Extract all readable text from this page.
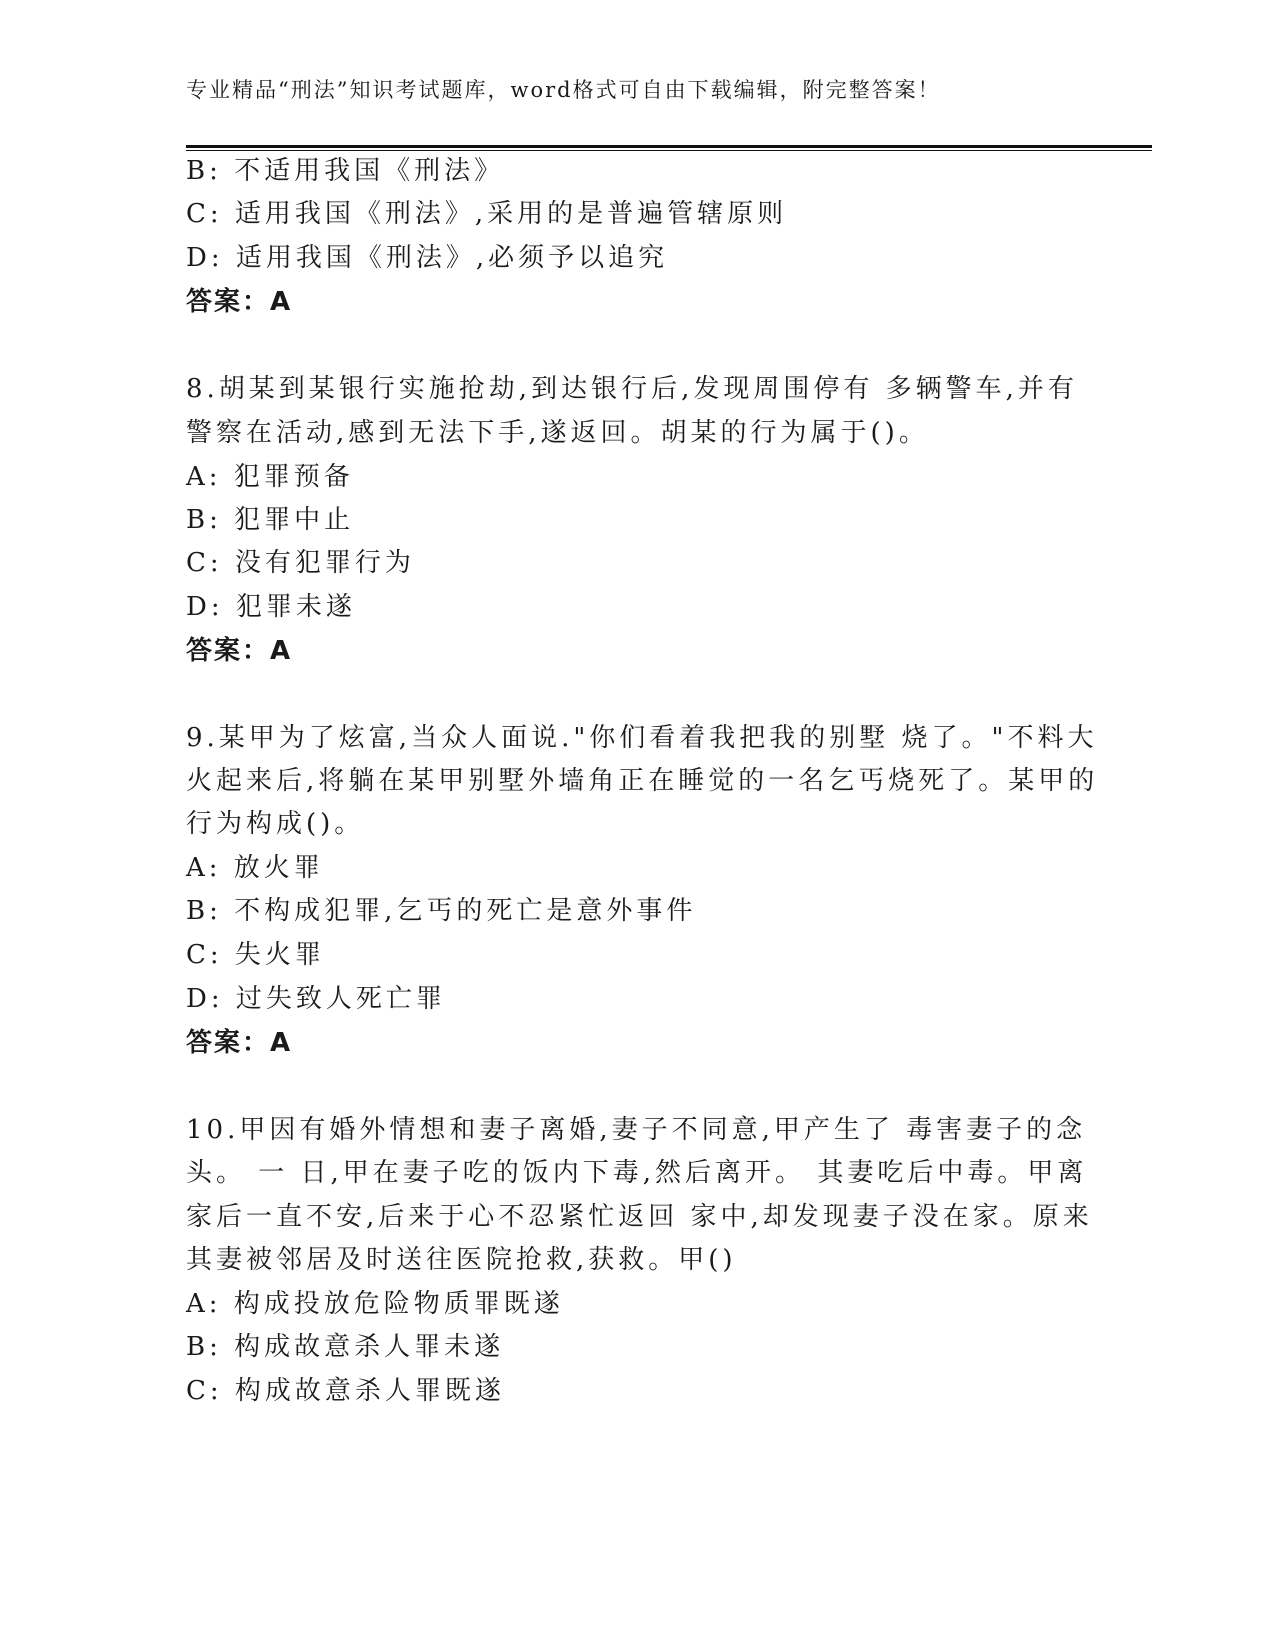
专业精品“刑法”知识考试题库，word格式可自由下载编辑，附完整答案！
B: 不适用我国《刑法》
C: 适用我国《刑法》,采用的是普遍管辖原则
D: 适用我国《刑法》,必须予以追究
答案：A
8.胡某到某银行实施抢劫,到达银行后,发现周围停有 多辆警车,并有
警察在活动,感到无法下手,遂返回。胡某的行为属于()。
A: 犯罪预备
B: 犯罪中止
C: 没有犯罪行为
D: 犯罪未遂
答案：A
9.某甲为了炫富,当众人面说."你们看着我把我的别墅 烧了。"不料大
火起来后,将躺在某甲别墅外墙角正在睡觉的一名乞丐烧死了。某甲的
行为构成()。
A: 放火罪
B: 不构成犯罪,乞丐的死亡是意外事件
C: 失火罪
D: 过失致人死亡罪
答案：A
10.甲因有婚外情想和妻子离婚,妻子不同意,甲产生了 毒害妻子的念
头。 一 日,甲在妻子吃的饭内下毒,然后离开。 其妻吃后中毒。甲离
家后一直不安,后来于心不忍紧忙返回 家中,却发现妻子没在家。原来
其妻被邻居及时送往医院抢救,获救。甲()
A: 构成投放危险物质罪既遂
B: 构成故意杀人罪未遂
C: 构成故意杀人罪既遂
